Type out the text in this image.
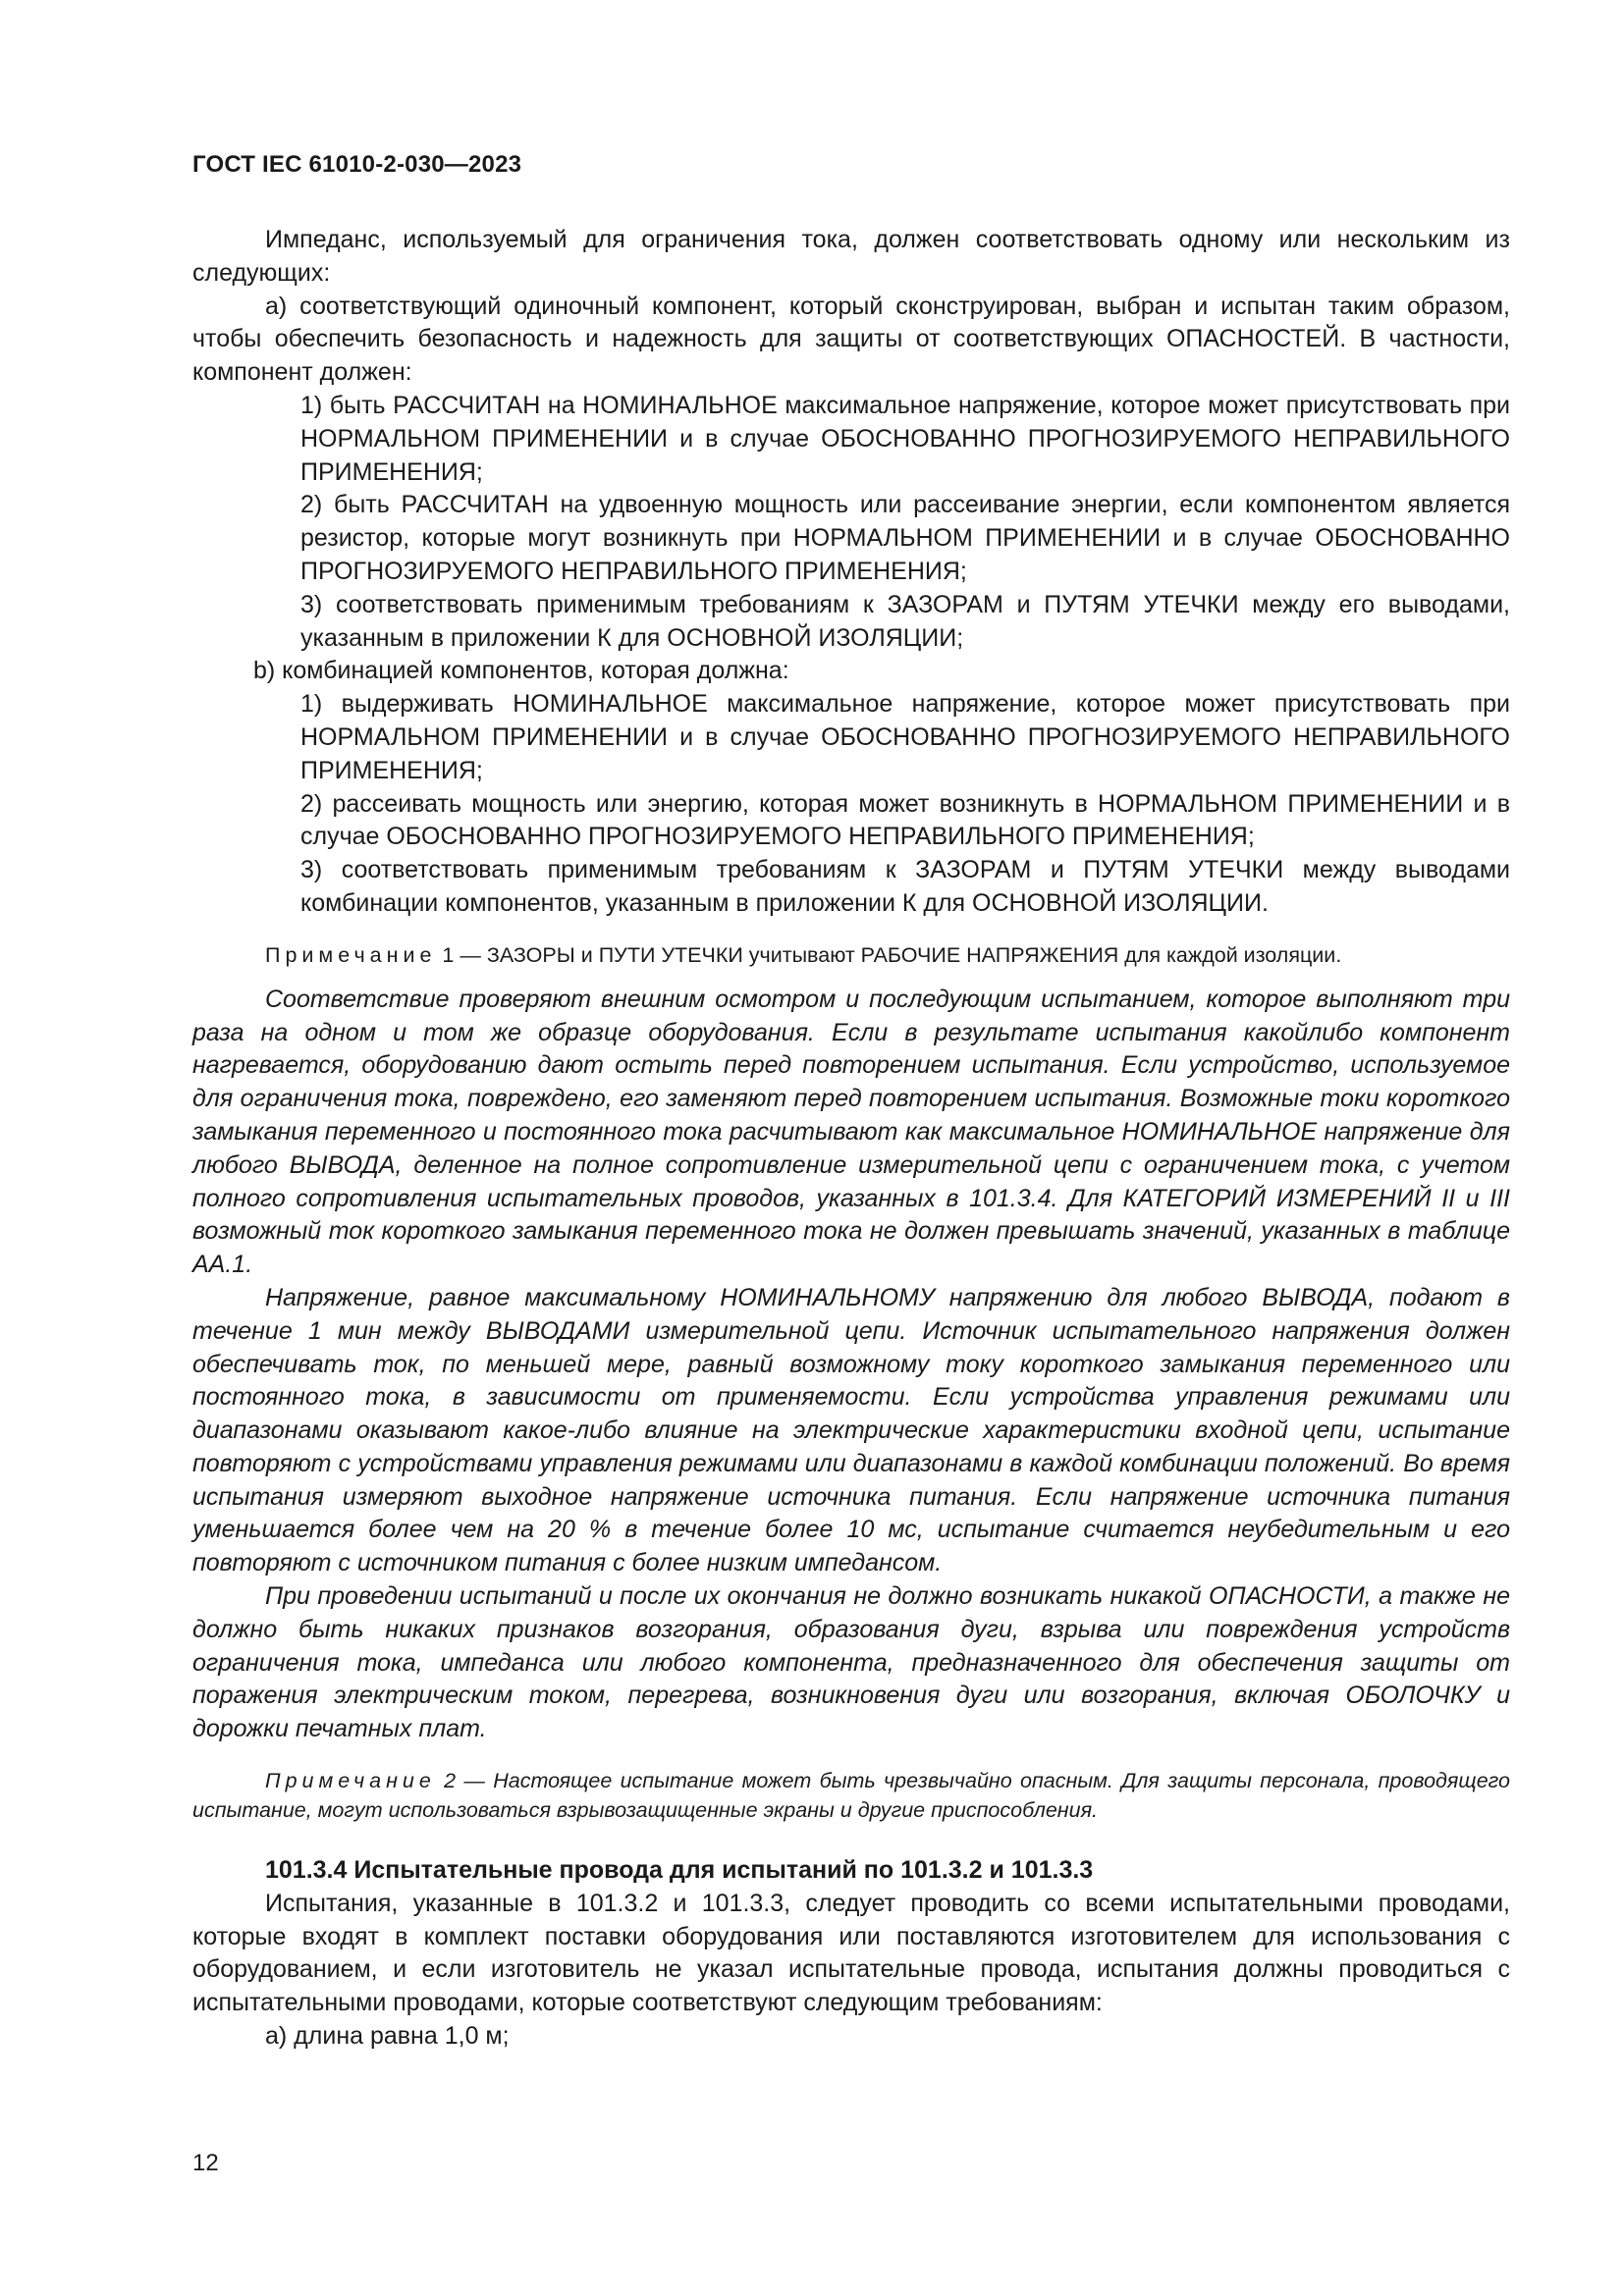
ГОСТ IEC 61010-2-030—2023

Импеданс, используемый для ограничения тока, должен соответствовать одному или нескольким из следующих:

a) соответствующий одиночный компонент, который сконструирован, выбран и испытан таким образом, чтобы обеспечить безопасность и надежность для защиты от соответствующих ОПАСНОСТЕЙ. В частности, компонент должен:

1) быть РАССЧИТАН на НОМИНАЛЬНОЕ максимальное напряжение, которое может присутствовать при НОРМАЛЬНОМ ПРИМЕНЕНИИ и в случае ОБОСНОВАННО ПРОГНОЗИРУЕМОГО НЕПРАВИЛЬНОГО ПРИМЕНЕНИЯ;

2) быть РАССЧИТАН на удвоенную мощность или рассеивание энергии, если компонентом является резистор, которые могут возникнуть при НОРМАЛЬНОМ ПРИМЕНЕНИИ и в случае ОБОСНОВАННО ПРОГНОЗИРУЕМОГО НЕПРАВИЛЬНОГО ПРИМЕНЕНИЯ;

3) соответствовать применимым требованиям к ЗАЗОРАМ и ПУТЯМ УТЕЧКИ между его выводами, указанным в приложении К для ОСНОВНОЙ ИЗОЛЯЦИИ;

b) комбинацией компонентов, которая должна:

1) выдерживать НОМИНАЛЬНОЕ максимальное напряжение, которое может присутствовать при НОРМАЛЬНОМ ПРИМЕНЕНИИ и в случае ОБОСНОВАННО ПРОГНОЗИРУЕМОГО НЕПРАВИЛЬНОГО ПРИМЕНЕНИЯ;

2) рассеивать мощность или энергию, которая может возникнуть в НОРМАЛЬНОМ ПРИМЕНЕНИИ и в случае ОБОСНОВАННО ПРОГНОЗИРУЕМОГО НЕПРАВИЛЬНОГО ПРИМЕНЕНИЯ;

3) соответствовать применимым требованиям к ЗАЗОРАМ и ПУТЯМ УТЕЧКИ между выводами комбинации компонентов, указанным в приложении К для ОСНОВНОЙ ИЗОЛЯЦИИ.

Примечание 1 — ЗАЗОРЫ и ПУТИ УТЕЧКИ учитывают РАБОЧИЕ НАПРЯЖЕНИЯ для каждой изоляции.

Соответствие проверяют внешним осмотром и последующим испытанием, которое выполняют три раза на одном и том же образце оборудования. Если в результате испытания какойлибо компонент нагревается, оборудованию дают остыть перед повторением испытания. Если устройство, используемое для ограничения тока, повреждено, его заменяют перед повторением испытания. Возможные токи короткого замыкания переменного и постоянного тока расчитывают как максимальное НОМИНАЛЬНОЕ напряжение для любого ВЫВОДА, деленное на полное сопротивление измерительной цепи с ограничением тока, с учетом полного сопротивления испытательных проводов, указанных в 101.3.4. Для КАТЕГОРИЙ ИЗМЕРЕНИЙ II и III возможный ток короткого замыкания переменного тока не должен превышать значений, указанных в таблице АА.1.

Напряжение, равное максимальному НОМИНАЛЬНОМУ напряжению для любого ВЫВОДА, подают в течение 1 мин между ВЫВОДАМИ измерительной цепи. Источник испытательного напряжения должен обеспечивать ток, по меньшей мере, равный возможному току короткого замыкания переменного или постоянного тока, в зависимости от применяемости. Если устройства управления режимами или диапазонами оказывают какое-либо влияние на электрические характеристики входной цепи, испытание повторяют с устройствами управления режимами или диапазонами в каждой комбинации положений. Во время испытания измеряют выходное напряжение источника питания. Если напряжение источника питания уменьшается более чем на 20 % в течение более 10 мс, испытание считается неубедительным и его повторяют с источником питания с более низким импедансом.

При проведении испытаний и после их окончания не должно возникать никакой ОПАСНОСТИ, а также не должно быть никаких признаков возгорания, образования дуги, взрыва или повреждения устройств ограничения тока, импеданса или любого компонента, предназначенного для обеспечения защиты от поражения электрическим током, перегрева, возникновения дуги или возгорания, включая ОБОЛОЧКУ и дорожки печатных плат.

Примечание 2 — Настоящее испытание может быть чрезвычайно опасным. Для защиты персонала, проводящего испытание, могут использоваться взрывозащищенные экраны и другие приспособления.

101.3.4 Испытательные провода для испытаний по 101.3.2 и 101.3.3

Испытания, указанные в 101.3.2 и 101.3.3, следует проводить со всеми испытательными проводами, которые входят в комплект поставки оборудования или поставляются изготовителем для использования с оборудованием, и если изготовитель не указал испытательные провода, испытания должны проводиться с испытательными проводами, которые соответствуют следующим требованиям:

a) длина равна 1,0 м;

12
